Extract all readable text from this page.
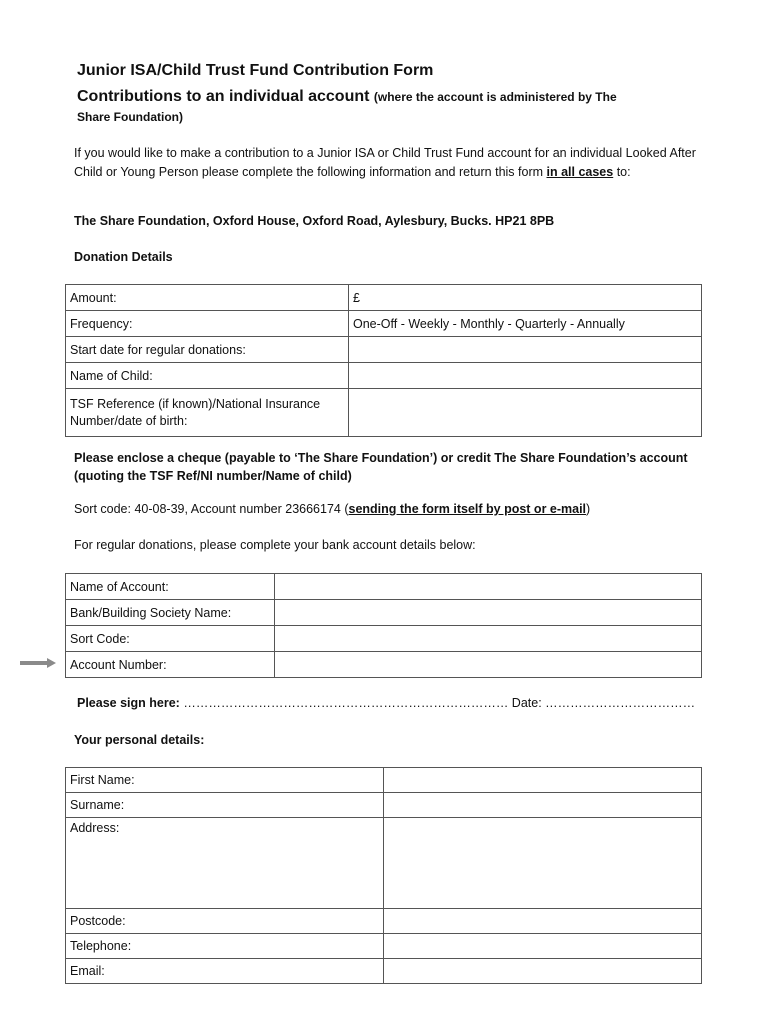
Junior ISA/Child Trust Fund Contribution Form
Contributions to an individual account (where the account is administered by The
Share Foundation)
If you would like to make a contribution to a Junior ISA or Child Trust Fund account for an individual Looked After Child or Young Person please complete the following information and return this form in all cases to:
The Share Foundation, Oxford House, Oxford Road, Aylesbury, Bucks. HP21 8PB
Donation Details
Amount:	£
Frequency:	One-Off - Weekly - Monthly - Quarterly - Annually
Start date for regular donations:	
Name of Child:	
TSF Reference (if known)/National Insurance Number/date of birth:	
Please enclose a cheque (payable to ‘The Share Foundation’) or credit The Share Foundation’s account (quoting the TSF Ref/NI number/Name of child)
Sort code: 40-08-39, Account number 23666174 (sending the form itself by post or e-mail)
For regular donations, please complete your bank account details below:
Name of Account:	
Bank/Building Society Name:	
Sort Code:	
Account Number:	
Please sign here: …………………………………………………………………… Date: ………………………………
Your personal details:
First Name:	
Surname:	
Address:	
Postcode:	
Telephone:	
Email:	
